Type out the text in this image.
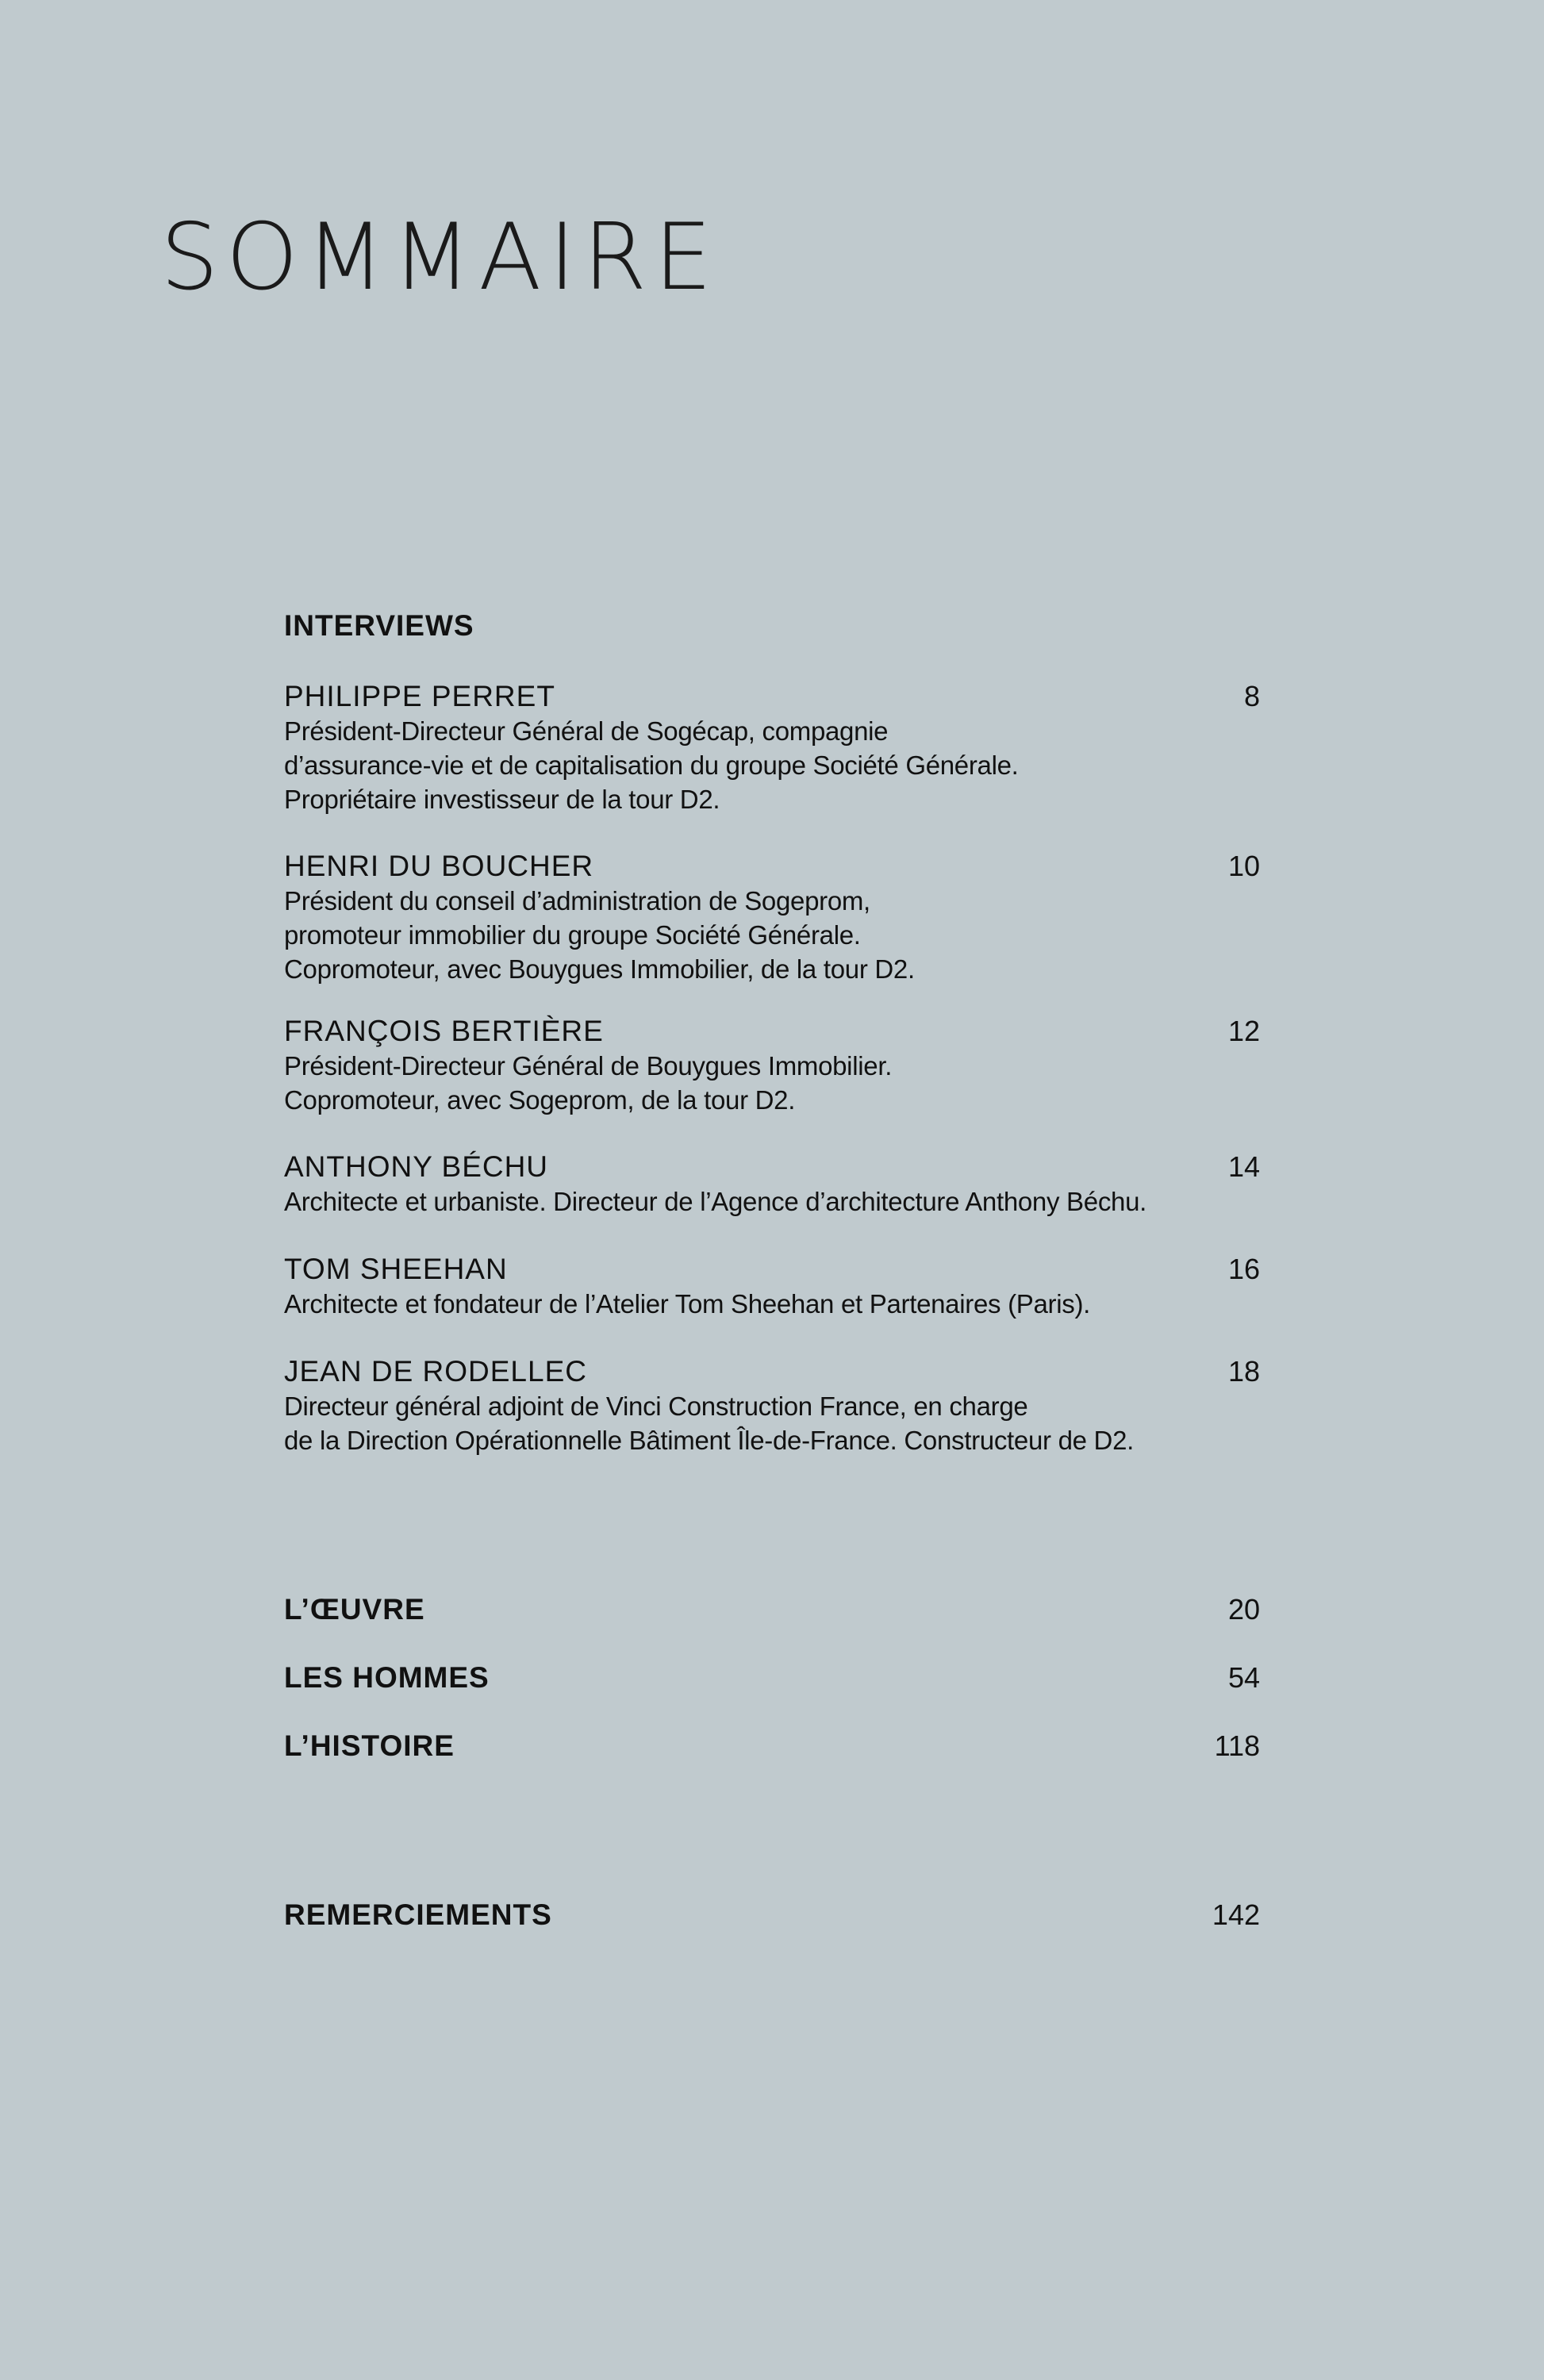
SOMMAIRE
INTERVIEWS

PHILIPPE PERRET	8

Président-Directeur Général de Sogécap, compagnie
d’assurance-vie et de capitalisation du groupe Société Générale.
Propriétaire investisseur de la tour D2.

HENRI DU BOUCHER	10

Président du conseil d’administration de Sogeprom,
promoteur immobilier du groupe Société Générale.
Copromoteur, avec Bouygues Immobilier, de la tour D2.

FRANÇOIS BERTIÈRE	12

Président-Directeur Général de Bouygues Immobilier.
Copromoteur, avec Sogeprom, de la tour D2.

ANTHONY BÉCHU	14

Architecte et urbaniste. Directeur de l’Agence d’architecture Anthony Béchu.

TOM SHEEHAN	16

Architecte et fondateur de l’Atelier Tom Sheehan et Partenaires (Paris).

JEAN DE RODELLEC	18

Directeur général adjoint de Vinci Construction France, en charge
de la Direction Opérationnelle Bâtiment Île-de-France. Constructeur de D2.

L’ŒUVRE	20

LES HOMMES	54

L’HISTOIRE	118

REMERCIEMENTS	142
